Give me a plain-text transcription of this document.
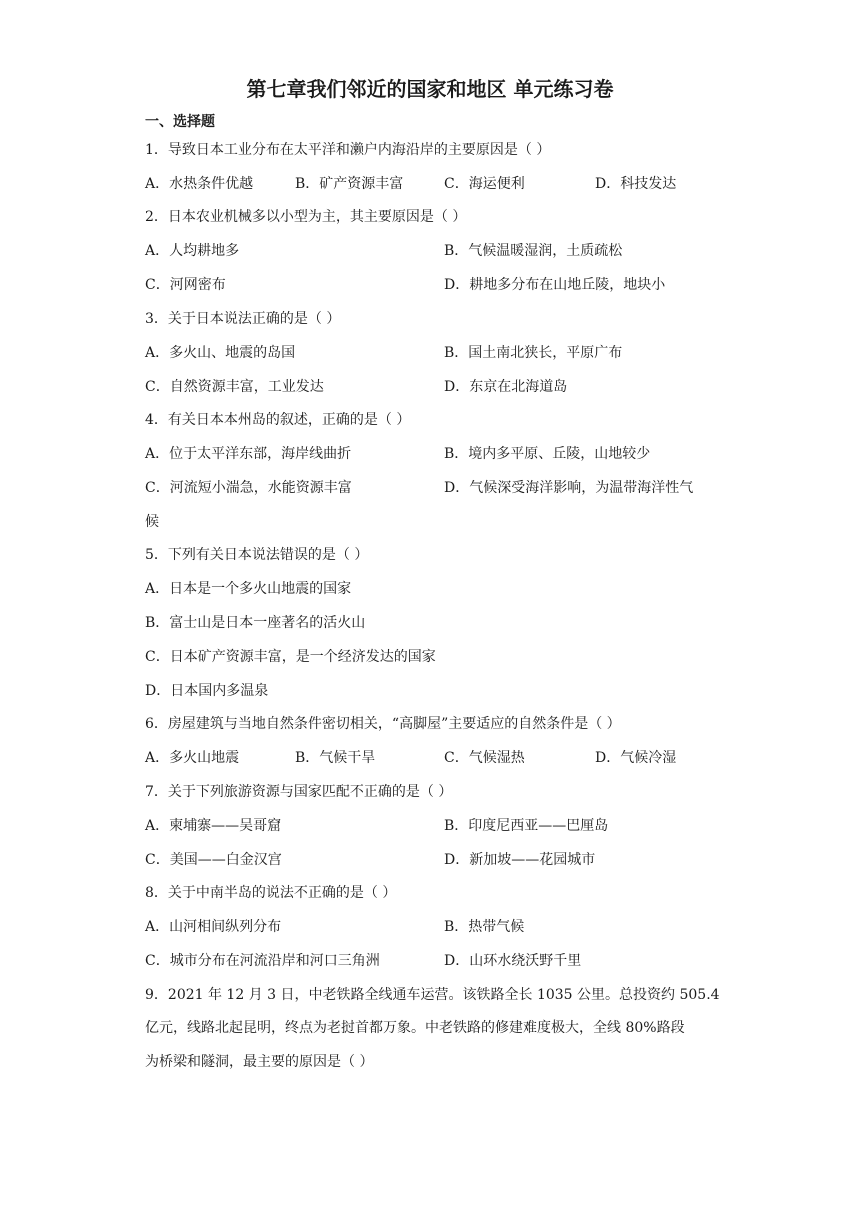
第七章我们邻近的国家和地区 单元练习卷
一、选择题
1．导致日本工业分布在太平洋和濑户内海沿岸的主要原因是（ ）
A．水热条件优越	B．矿产资源丰富	C．海运便利	D．科技发达
2．日本农业机械多以小型为主，其主要原因是（ ）
A．人均耕地多	B．气候温暖湿润，土质疏松
C．河网密布	D．耕地多分布在山地丘陵，地块小
3．关于日本说法正确的是（ ）
A．多火山、地震的岛国	B．国土南北狭长，平原广布
C．自然资源丰富，工业发达	D．东京在北海道岛
4．有关日本本州岛的叙述，正确的是（ ）
A．位于太平洋东部，海岸线曲折	B．境内多平原、丘陵，山地较少
C．河流短小湍急，水能资源丰富	D．气候深受海洋影响，为温带海洋性气
候
5．下列有关日本说法错误的是（ ）
A．日本是一个多火山地震的国家
B．富士山是日本一座著名的活火山
C．日本矿产资源丰富，是一个经济发达的国家
D．日本国内多温泉
6．房屋建筑与当地自然条件密切相关，“高脚屋”主要适应的自然条件是（ ）
A．多火山地震	B．气候干旱	C．气候湿热	D．气候冷湿
7．关于下列旅游资源与国家匹配不正确的是（ ）
A．柬埔寨——吴哥窟	B．印度尼西亚——巴厘岛
C．美国——白金汉宫	D．新加坡——花园城市
8．关于中南半岛的说法不正确的是（ ）
A．山河相间纵列分布	B．热带气候
C．城市分布在河流沿岸和河口三角洲	D．山环水绕沃野千里
9．2021 年 12 月 3 日，中老铁路全线通车运营。该铁路全长 1035 公里。总投资约 505.4
亿元，线路北起昆明，终点为老挝首都万象。中老铁路的修建难度极大，全线 80%路段
为桥梁和隧洞，最主要的原因是（ ）
